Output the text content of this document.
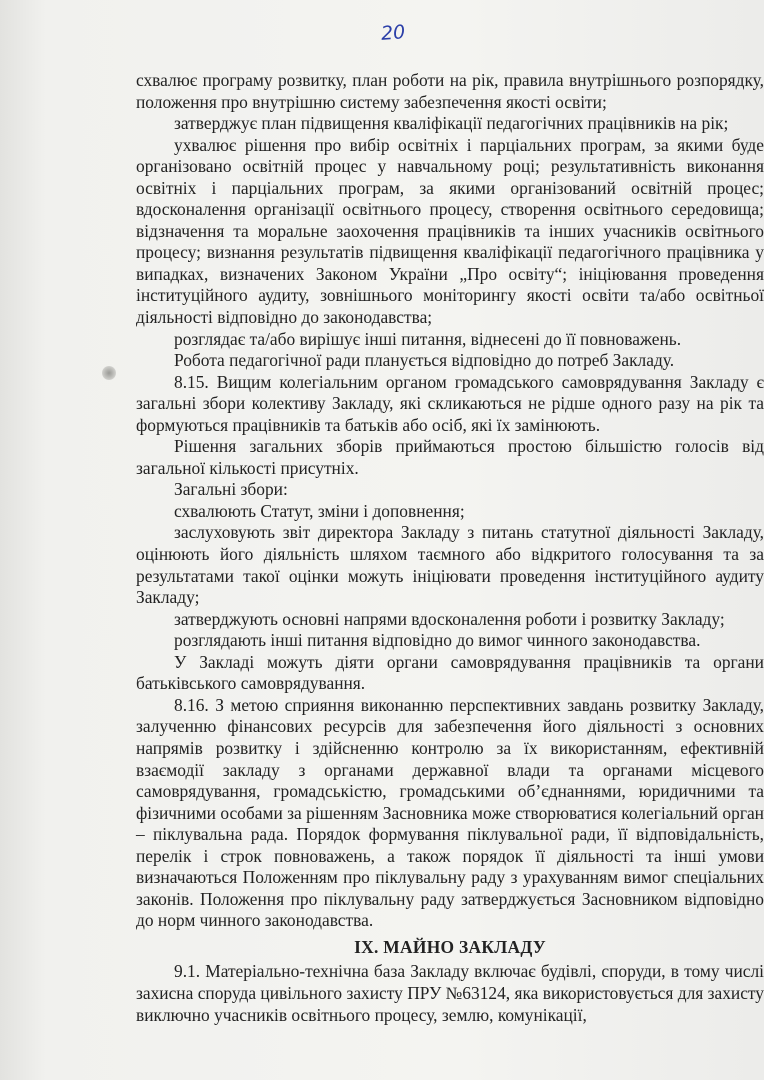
20

схвалює програму розвитку, план роботи на рік, правила внутрішнього розпорядку, положення про внутрішню систему забезпечення якості освіти;

затверджує план підвищення кваліфікації педагогічних працівників на рік;

ухвалює рішення про вибір освітніх і парціальних програм, за якими буде організовано освітній процес у навчальному році; результативність виконання освітніх і парціальних програм, за якими організований освітній процес; вдосконалення організації освітнього процесу, створення освітнього середовища; відзначення та моральне заохочення працівників та інших учасників освітнього процесу; визнання результатів підвищення кваліфікації педагогічного працівника у випадках, визначених Законом України „Про освіту“; ініціювання проведення інституційного аудиту, зовнішнього моніторингу якості освіти та/або освітньої діяльності відповідно до законодавства;

розглядає та/або вирішує інші питання, віднесені до її повноважень.

Робота педагогічної ради планується відповідно до потреб Закладу.

8.15. Вищим колегіальним органом громадського самоврядування Закладу є загальні збори колективу Закладу, які скликаються не рідше одного разу на рік та формуються працівників та батьків або осіб, які їх замінюють.

Рішення загальних зборів приймаються простою більшістю голосів від загальної кількості присутніх.

Загальні збори:

схвалюють Статут, зміни і доповнення;

заслуховують звіт директора Закладу з питань статутної діяльності Закладу, оцінюють його діяльність шляхом таємного або відкритого голосування та за результатами такої оцінки можуть ініціювати проведення інституційного аудиту Закладу;

затверджують основні напрями вдосконалення роботи і розвитку Закладу;

розглядають інші питання відповідно до вимог чинного законодавства.

У Закладі можуть діяти органи самоврядування працівників та органи батьківського самоврядування.

8.16. З метою сприяння виконанню перспективних завдань розвитку Закладу, залученню фінансових ресурсів для забезпечення його діяльності з основних напрямів розвитку і здійсненню контролю за їх використанням, ефективній взаємодії закладу з органами державної влади та органами місцевого самоврядування, громадськістю, громадськими об’єднаннями, юридичними та фізичними особами за рішенням Засновника може створюватися колегіальний орган – піклувальна рада. Порядок формування піклувальної ради, її відповідальність, перелік і строк повноважень, а також порядок її діяльності та інші умови визначаються Положенням про піклувальну раду з урахуванням вимог спеціальних законів. Положення про піклувальну раду затверджується Засновником відповідно до норм чинного законодавства.

IX. МАЙНО ЗАКЛАДУ

9.1. Матеріально-технічна база Закладу включає будівлі, споруди, в тому числі захисна споруда цивільного захисту ПРУ №63124, яка використовується для захисту виключно учасників освітнього процесу, землю, комунікації,
